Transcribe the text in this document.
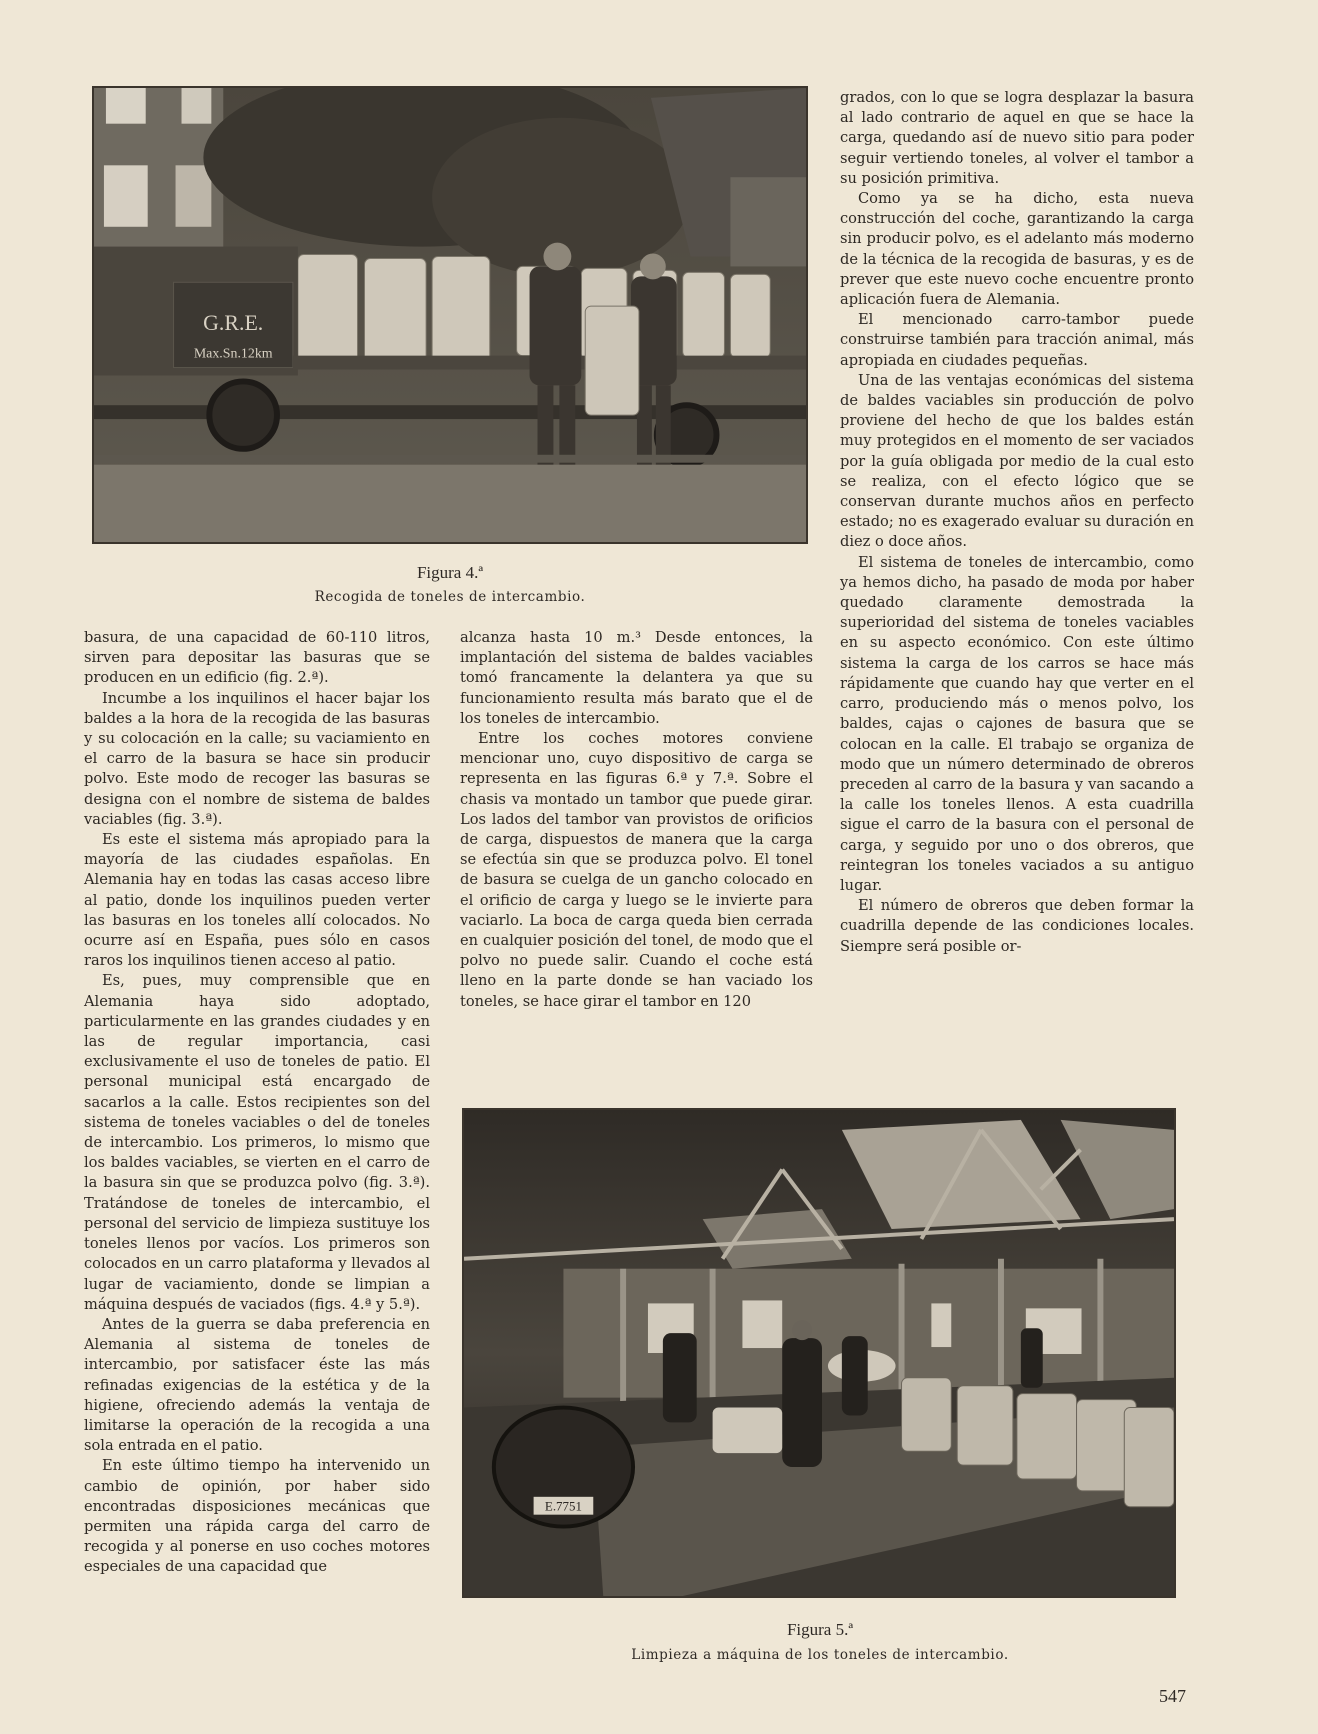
G.R.E.
Max.Sn.12km
Figura 4.ª
Recogida de toneles de intercambio.

basura, de una capacidad de 60-110 litros, sirven para depositar las basuras que se producen en un edificio (fig. 2.ª).

Incumbe a los inquilinos el hacer bajar los baldes a la hora de la recogida de las basuras y su colocación en la calle; su vaciamiento en el carro de la basura se hace sin producir polvo. Este modo de recoger las basuras se designa con el nombre de sistema de baldes vaciables (fig. 3.ª).

Es este el sistema más apropiado para la mayoría de las ciudades españolas. En Alemania hay en todas las casas acceso libre al patio, donde los inquilinos pueden verter las basuras en los toneles allí colocados. No ocurre así en España, pues sólo en casos raros los inquilinos tienen acceso al patio.

Es, pues, muy comprensible que en Alemania haya sido adoptado, particularmente en las grandes ciudades y en las de regular importancia, casi exclusivamente el uso de toneles de patio. El personal municipal está encargado de sacarlos a la calle. Estos recipientes son del sistema de toneles vaciables o del de toneles de intercambio. Los primeros, lo mismo que los baldes vaciables, se vierten en el carro de la basura sin que se produzca polvo (fig. 3.ª). Tratándose de toneles de intercambio, el personal del servicio de limpieza sustituye los toneles llenos por vacíos. Los primeros son colocados en un carro plataforma y llevados al lugar de vaciamiento, donde se limpian a máquina después de vaciados (figs. 4.ª y 5.ª).

Antes de la guerra se daba preferencia en Alemania al sistema de toneles de intercambio, por satisfacer éste las más refinadas exigencias de la estética y de la higiene, ofreciendo además la ventaja de limitarse la operación de la recogida a una sola entrada en el patio.

En este último tiempo ha intervenido un cambio de opinión, por haber sido encontradas disposiciones mecánicas que permiten una rápida carga del carro de recogida y al ponerse en uso coches motores especiales de una capacidad que

alcanza hasta 10 m.³ Desde entonces, la implantación del sistema de baldes vaciables tomó francamente la delantera ya que su funcionamiento resulta más barato que el de los toneles de intercambio.

Entre los coches motores conviene mencionar uno, cuyo dispositivo de carga se representa en las figuras 6.ª y 7.ª. Sobre el chasis va montado un tambor que puede girar. Los lados del tambor van provistos de orificios de carga, dispuestos de manera que la carga se efectúa sin que se produzca polvo. El tonel de basura se cuelga de un gancho colocado en el orificio de carga y luego se le invierte para vaciarlo. La boca de carga queda bien cerrada en cualquier posición del tonel, de modo que el polvo no puede salir. Cuando el coche está lleno en la parte donde se han vaciado los toneles, se hace girar el tambor en 120

grados, con lo que se logra desplazar la basura al lado contrario de aquel en que se hace la carga, quedando así de nuevo sitio para poder seguir vertiendo toneles, al volver el tambor a su posición primitiva.

Como ya se ha dicho, esta nueva construcción del coche, garantizando la carga sin producir polvo, es el adelanto más moderno de la técnica de la recogida de basuras, y es de prever que este nuevo coche encuentre pronto aplicación fuera de Alemania.

El mencionado carro-tambor puede construirse también para tracción animal, más apropiada en ciudades pequeñas.

Una de las ventajas económicas del sistema de baldes vaciables sin producción de polvo proviene del hecho de que los baldes están muy protegidos en el momento de ser vaciados por la guía obligada por medio de la cual esto se realiza, con el efecto lógico que se conservan durante muchos años en perfecto estado; no es exagerado evaluar su duración en diez o doce años.

El sistema de toneles de intercambio, como ya hemos dicho, ha pasado de moda por haber quedado claramente demostrada la superioridad del sistema de toneles vaciables en su aspecto económico. Con este último sistema la carga de los carros se hace más rápidamente que cuando hay que verter en el carro, produciendo más o menos polvo, los baldes, cajas o cajones de basura que se colocan en la calle. El trabajo se organiza de modo que un número determinado de obreros preceden al carro de la basura y van sacando a la calle los toneles llenos. A esta cuadrilla sigue el carro de la basura con el personal de carga, y seguido por uno o dos obreros, que reintegran los toneles vaciados a su antiguo lugar.

El número de obreros que deben formar la cuadrilla depende de las condiciones locales. Siempre será posible or-

E.7751
Figura 5.ª
Limpieza a máquina de los toneles de intercambio.
547
